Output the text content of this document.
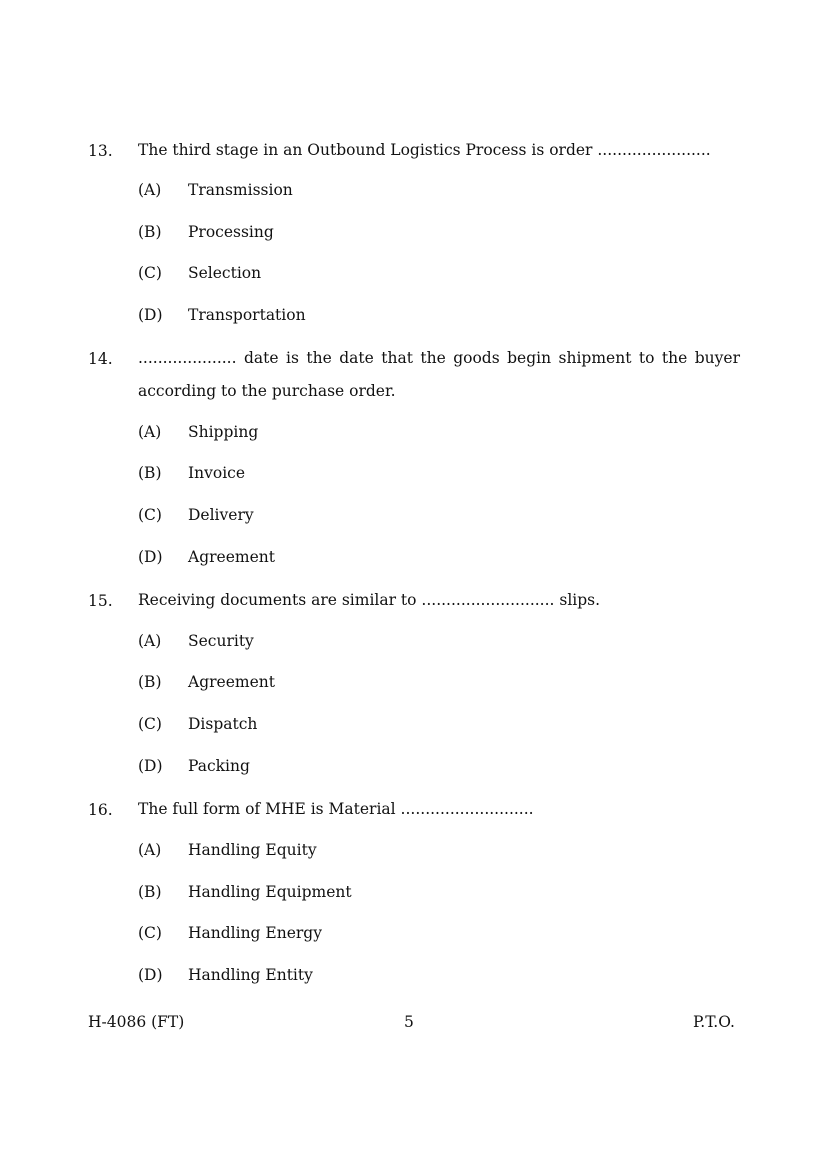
H-4086 (FT)	5	P.T.O.
13. The third stage in an Outbound Logistics Process is order .......................
(A) Transmission
(B) Processing
(C) Selection
(D) Transportation
14. .................... date is the date that the goods begin shipment to the buyer according to the purchase order.
(A) Shipping
(B) Invoice
(C) Delivery
(D) Agreement
15. Receiving documents are similar to ........................... slips.
(A) Security
(B) Agreement
(C) Dispatch
(D) Packing
16. The full form of MHE is Material ...........................
(A) Handling Equity
(B) Handling Equipment
(C) Handling Energy
(D) Handling Entity
